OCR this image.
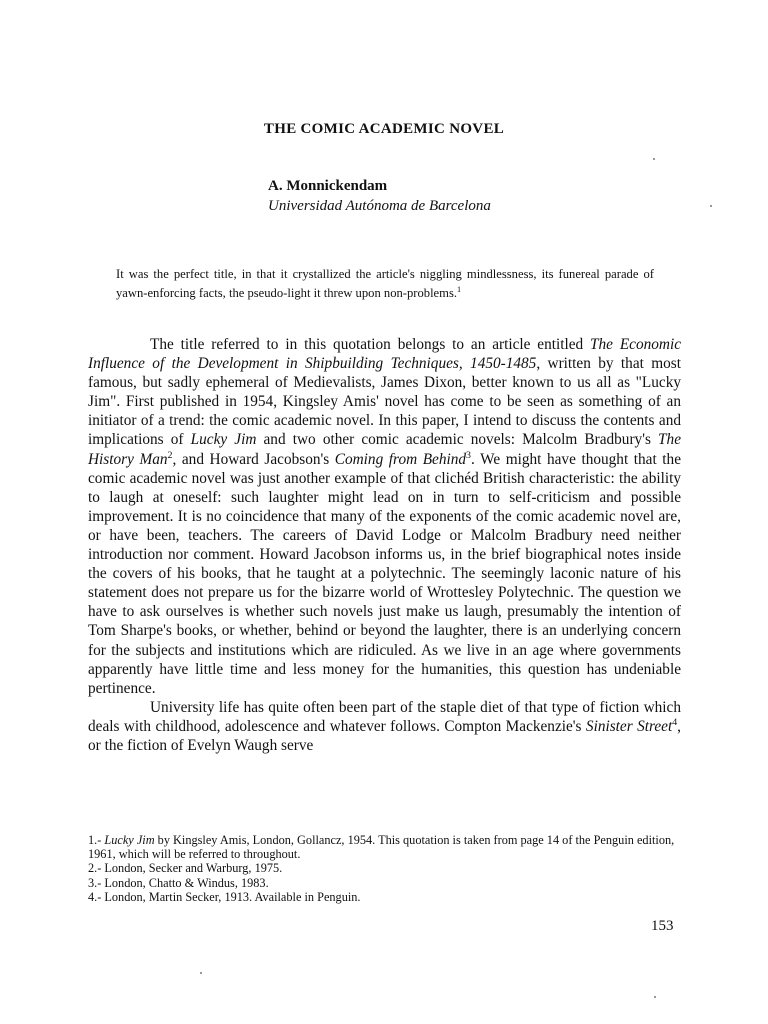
THE COMIC ACADEMIC NOVEL
A. Monnickendam
Universidad Autónoma de Barcelona
It was the perfect title, in that it crystallized the article's niggling mindlessness, its funereal parade of yawn-enforcing facts, the pseudo-light it threw upon non-problems.$^1$

The title referred to in this quotation belongs to an article entitled The Economic Influence of the Development in Shipbuilding Techniques, 1450-1485, written by that most famous, but sadly ephemeral of Medievalists, James Dixon, better known to us all as "Lucky Jim". First published in 1954, Kingsley Amis' novel has come to be seen as something of an initiator of a trend: the comic academic novel. In this paper, I intend to discuss the contents and implications of Lucky Jim and two other comic academic novels: Malcolm Bradbury's The History Man$^2$, and Howard Jacobson's Coming from Behind$^3$. We might have thought that the comic academic novel was just another example of that clichéd British characteristic: the ability to laugh at oneself: such laughter might lead on in turn to self-criticism and possible improvement. It is no coincidence that many of the exponents of the comic academic novel are, or have been, teachers. The careers of David Lodge or Malcolm Bradbury need neither introduction nor comment. Howard Jacobson informs us, in the brief biographical notes inside the covers of his books, that he taught at a polytechnic. The seemingly laconic nature of his statement does not prepare us for the bizarre world of Wrottesley Polytechnic. The question we have to ask ourselves is whether such novels just make us laugh, presumably the intention of Tom Sharpe's books, or whether, behind or beyond the laughter, there is an underlying concern for the subjects and institutions which are ridiculed. As we live in an age where governments apparently have little time and less money for the humanities, this question has undeniable pertinence.

University life has quite often been part of the staple diet of that type of fiction which deals with childhood, adolescence and whatever follows. Compton Mackenzie's Sinister Street$^4$, or the fiction of Evelyn Waugh serve

1.- Lucky Jim by Kingsley Amis, London, Gollancz, 1954. This quotation is taken from page 14 of the Penguin edition, 1961, which will be referred to throughout.
2.- London, Secker and Warburg, 1975.
3.- London, Chatto & Windus, 1983.
4.- London, Martin Secker, 1913. Available in Penguin.
153
